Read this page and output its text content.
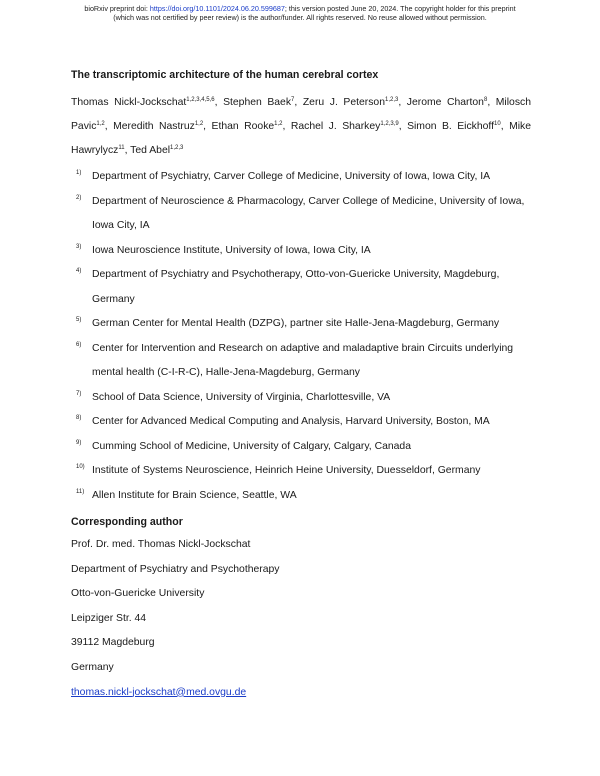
bioRxiv preprint doi: https://doi.org/10.1101/2024.06.20.599687; this version posted June 20, 2024. The copyright holder for this preprint
(which was not certified by peer review) is the author/funder. All rights reserved. No reuse allowed without permission.
The transcriptomic architecture of the human cerebral cortex
Thomas Nickl-Jockschat$^{1,2,3,4,5,6}$, Stephen Baek$^7$, Zeru J. Peterson$^{1,2,3}$, Jerome Charton$^8$, Milosch Pavic$^{1,2}$, Meredith Nastruz$^{1,2}$, Ethan Rooke$^{1,2}$, Rachel J. Sharkey$^{1,2,3,9}$, Simon B. Eickhoff$^{10}$, Mike Hawrylycz$^{11}$, Ted Abel$^{1,2,3}$
1) Department of Psychiatry, Carver College of Medicine, University of Iowa, Iowa City, IA
2) Department of Neuroscience & Pharmacology, Carver College of Medicine, University of Iowa, Iowa City, IA
3) Iowa Neuroscience Institute, University of Iowa, Iowa City, IA
4) Department of Psychiatry and Psychotherapy, Otto-von-Guericke University, Magdeburg, Germany
5) German Center for Mental Health (DZPG), partner site Halle-Jena-Magdeburg, Germany
6) Center for Intervention and Research on adaptive and maladaptive brain Circuits underlying mental health (C-I-R-C), Halle-Jena-Magdeburg, Germany
7) School of Data Science, University of Virginia, Charlottesville, VA
8) Center for Advanced Medical Computing and Analysis, Harvard University, Boston, MA
9) Cumming School of Medicine, University of Calgary, Calgary, Canada
10) Institute of Systems Neuroscience, Heinrich Heine University, Duesseldorf, Germany
11) Allen Institute for Brain Science, Seattle, WA
Corresponding author
Prof. Dr. med. Thomas Nickl-Jockschat
Department of Psychiatry and Psychotherapy
Otto-von-Guericke University
Leipziger Str. 44
39112 Magdeburg
Germany
thomas.nickl-jockschat@med.ovgu.de
